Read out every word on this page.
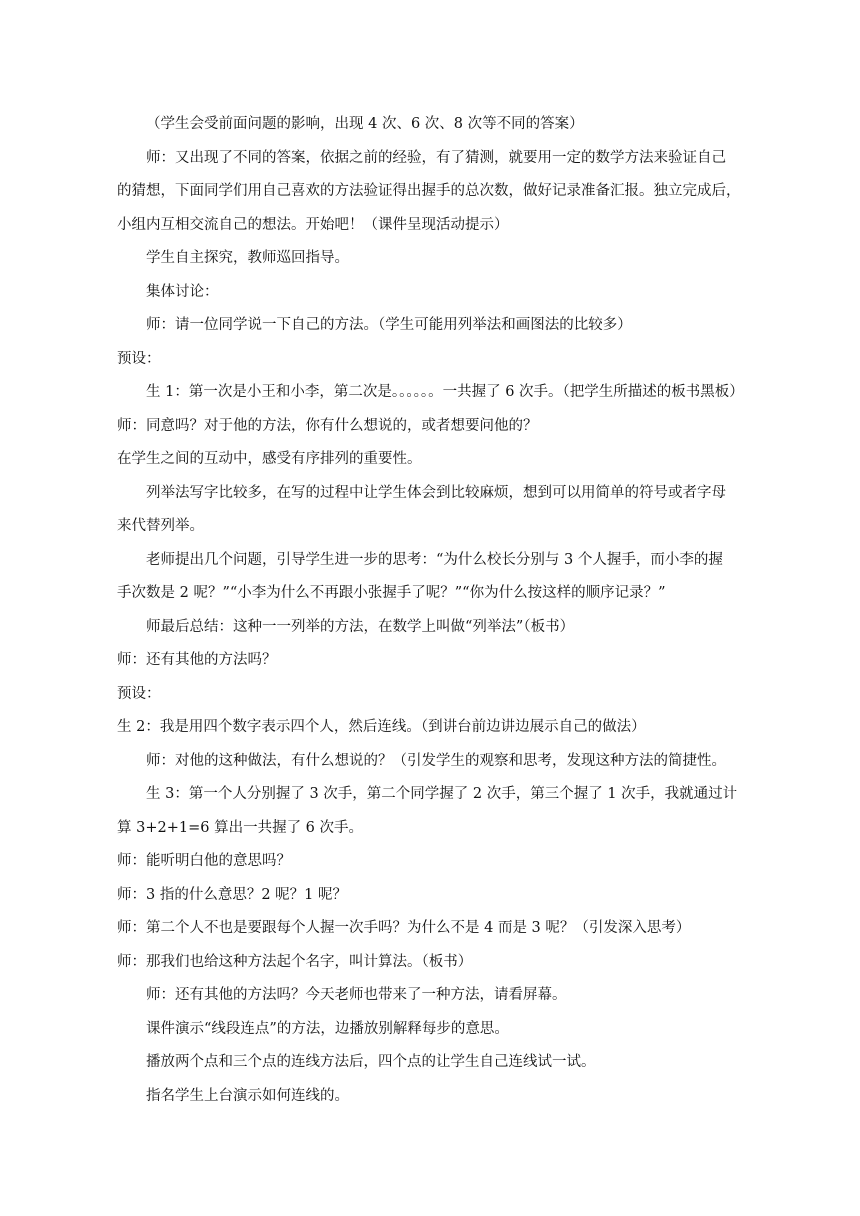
（学生会受前面问题的影响，出现 4 次、6 次、8 次等不同的答案）

师：又出现了不同的答案，依据之前的经验，有了猜测，就要用一定的数学方法来验证自己

的猜想，下面同学们用自己喜欢的方法验证得出握手的总次数，做好记录准备汇报。独立完成后，

小组内互相交流自己的想法。开始吧！（课件呈现活动提示）

学生自主探究，教师巡回指导。

集体讨论：

师：请一位同学说一下自己的方法。（学生可能用列举法和画图法的比较多）

预设：

生 1：第一次是小王和小李，第二次是。。。。。。一共握了 6 次手。（把学生所描述的板书黑板）

师：同意吗？对于他的方法，你有什么想说的，或者想要问他的？

在学生之间的互动中，感受有序排列的重要性。

列举法写字比较多，在写的过程中让学生体会到比较麻烦，想到可以用简单的符号或者字母

来代替列举。

老师提出几个问题，引导学生进一步的思考：“为什么校长分别与 3 个人握手，而小李的握

手次数是 2 呢？”“小李为什么不再跟小张握手了呢？”“你为什么按这样的顺序记录？”

师最后总结：这种一一列举的方法，在数学上叫做“列举法”（板书）

师：还有其他的方法吗？

预设：

生 2：我是用四个数字表示四个人，然后连线。（到讲台前边讲边展示自己的做法）

师：对他的这种做法，有什么想说的？（引发学生的观察和思考，发现这种方法的简捷性。

生 3：第一个人分别握了 3 次手，第二个同学握了 2 次手，第三个握了 1 次手，我就通过计

算 3+2+1=6 算出一共握了 6 次手。

师：能听明白他的意思吗？

师：3 指的什么意思？2 呢？1 呢？

师：第二个人不也是要跟每个人握一次手吗？为什么不是 4 而是 3 呢？（引发深入思考）

师：那我们也给这种方法起个名字，叫计算法。（板书）

师：还有其他的方法吗？今天老师也带来了一种方法，请看屏幕。

课件演示“线段连点”的方法，边播放别解释每步的意思。

播放两个点和三个点的连线方法后，四个点的让学生自己连线试一试。

指名学生上台演示如何连线的。
